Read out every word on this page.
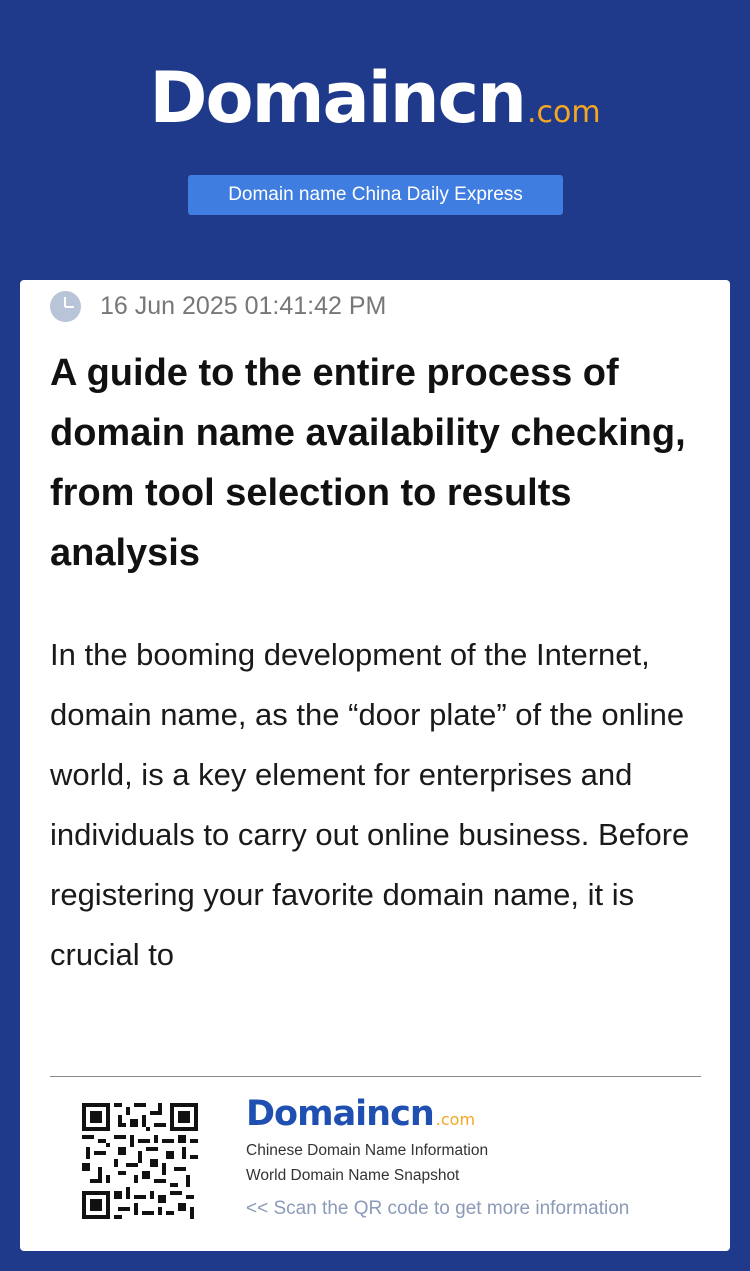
Domaincn.com
Domain name China Daily Express
16 Jun 2025 01:41:42 PM
A guide to the entire process of domain name availability checking, from tool selection to results analysis

In the booming development of the Internet, domain name, as the “door plate” of the online world, is a key element for enterprises and individuals to carry out online business. Before registering your favorite domain name, it is crucial to

Domaincn .com
Chinese Domain Name Information
World Domain Name Snapshot
<< Scan the QR code to get more information
